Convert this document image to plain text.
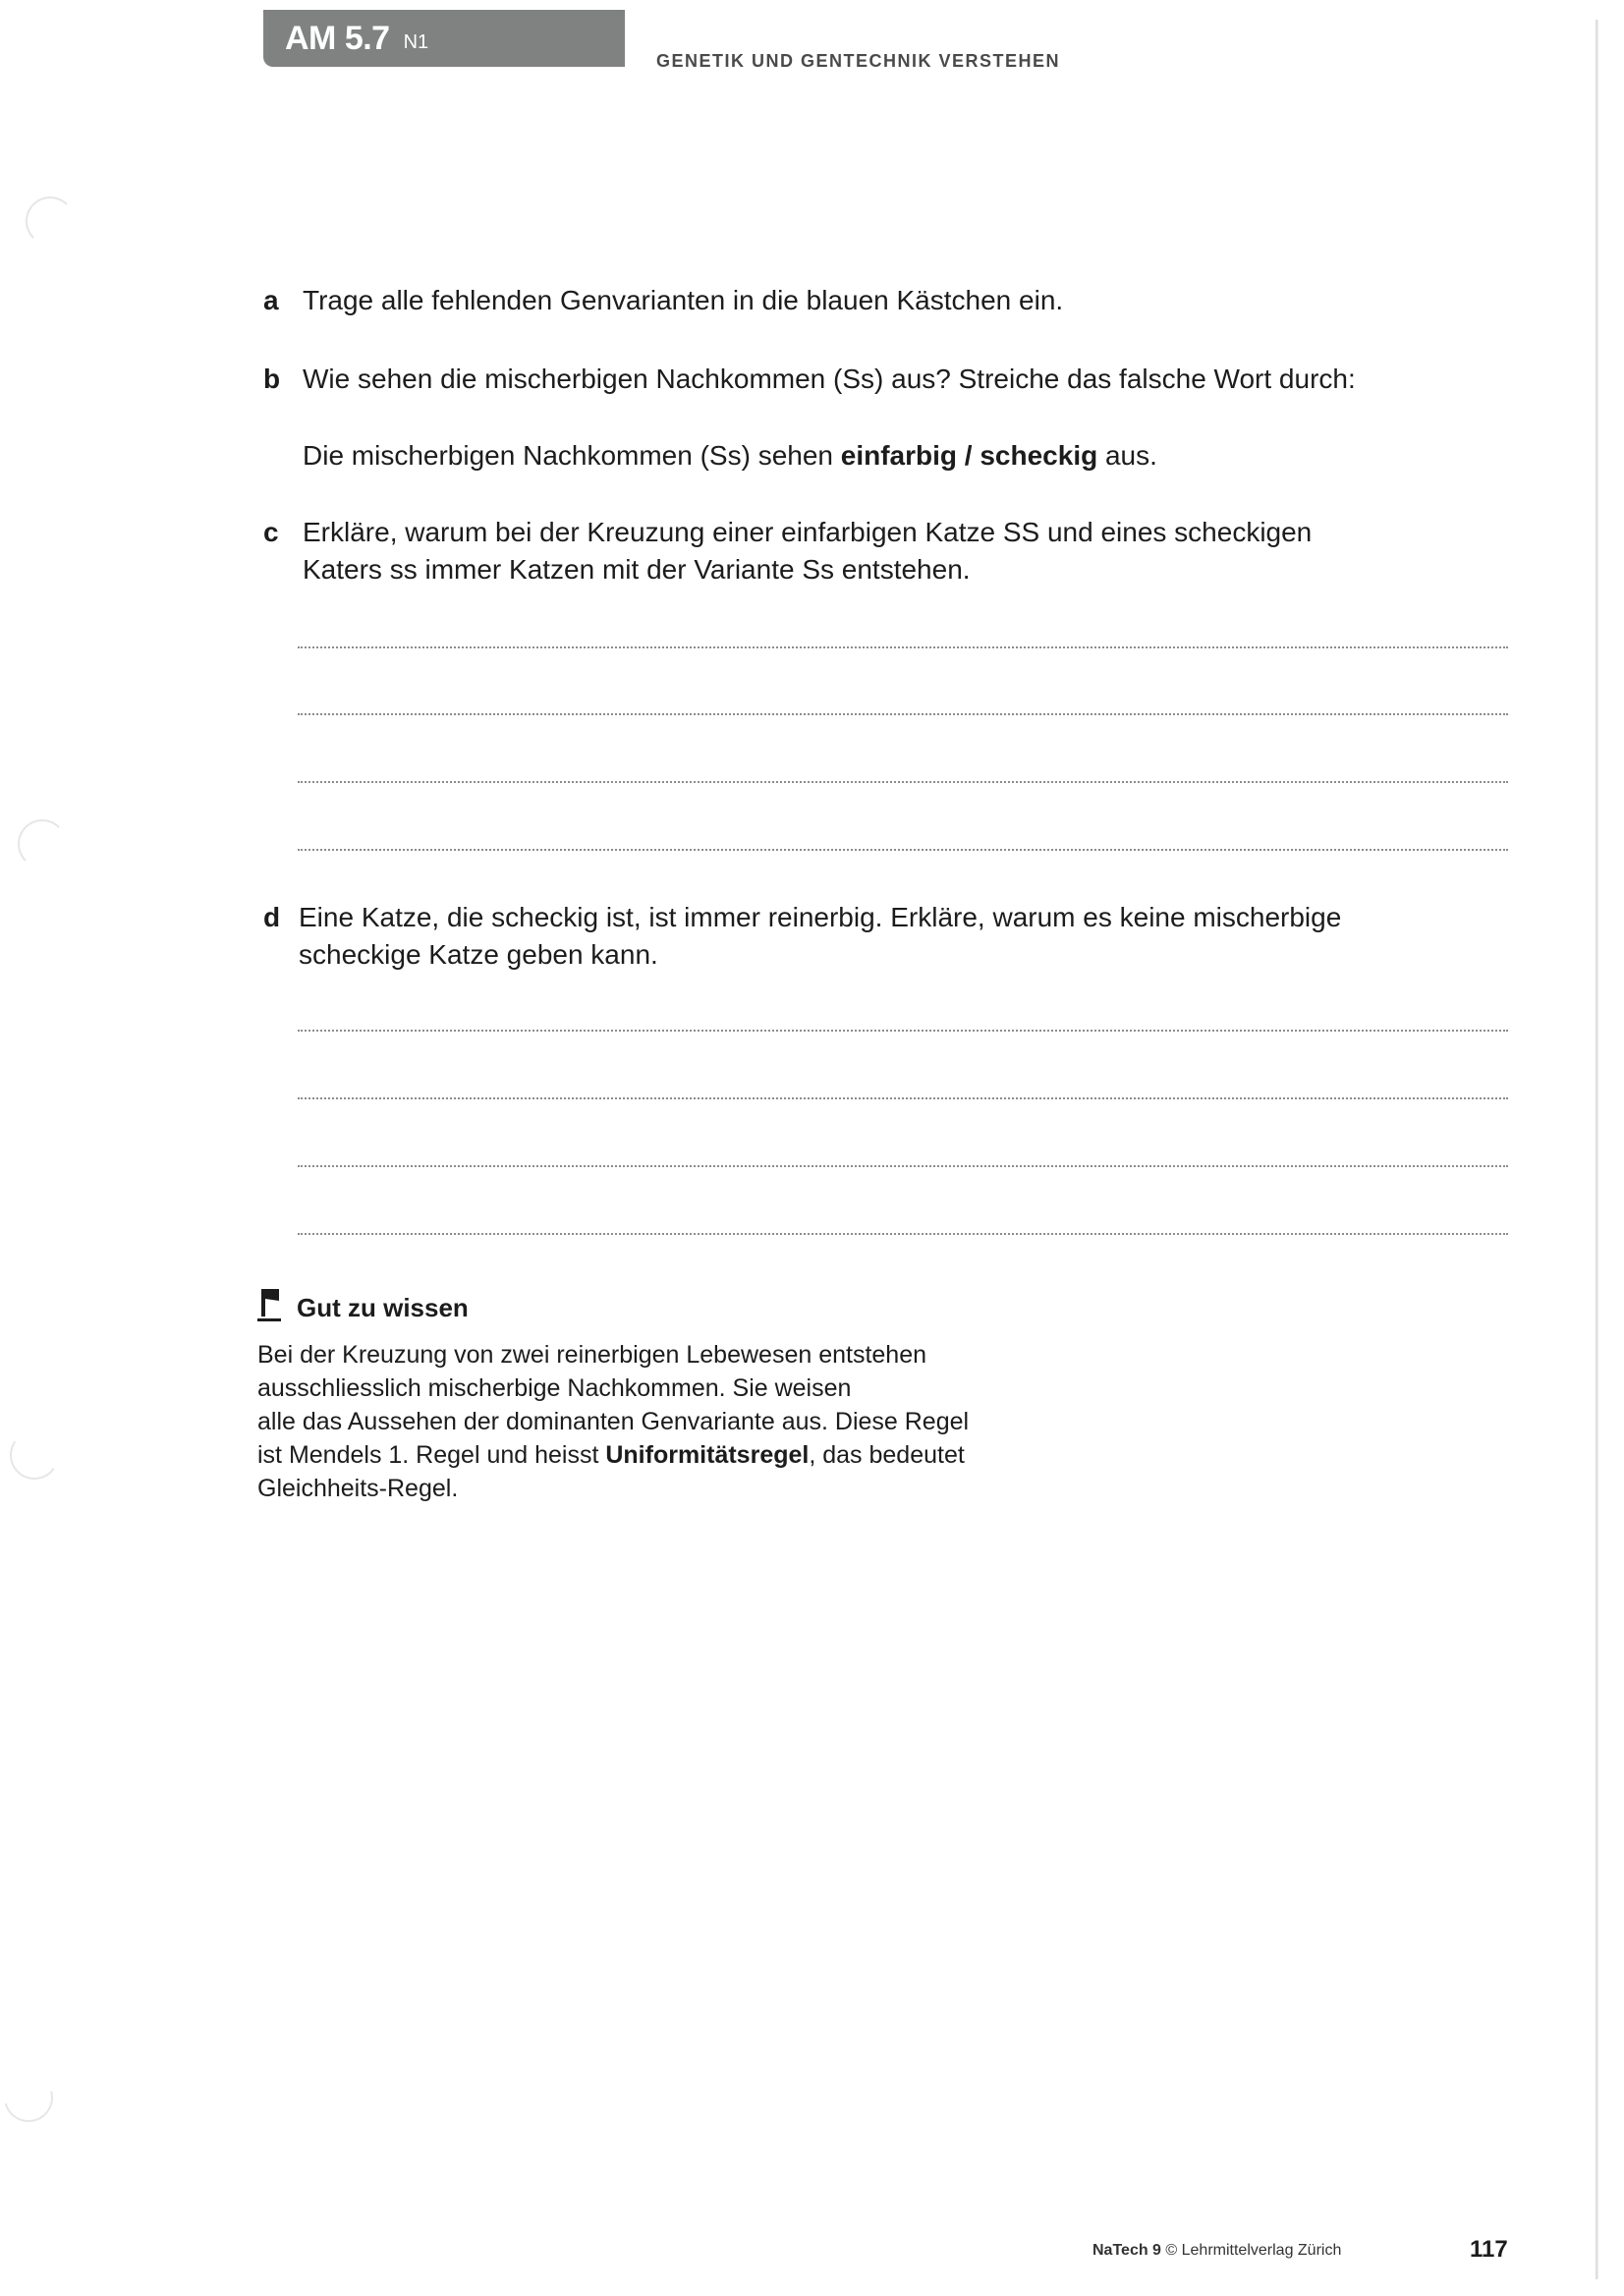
AM 5.7 N1
GENETIK UND GENTECHNIK VERSTEHEN
a Trage alle fehlenden Genvarianten in die blauen Kästchen ein.
b Wie sehen die mischerbigen Nachkommen (Ss) aus? Streiche das falsche Wort durch:
Die mischerbigen Nachkommen (Ss) sehen einfarbig / scheckig aus.
c Erkläre, warum bei der Kreuzung einer einfarbigen Katze SS und eines scheckigen
Katers ss immer Katzen mit der Variante Ss entstehen.
d Eine Katze, die scheckig ist, ist immer reinerbig. Erkläre, warum es keine mischerbige
scheckige Katze geben kann.
Gut zu wissen
Bei der Kreuzung von zwei reinerbigen Lebewesen entstehen
ausschliesslich mischerbige Nachkommen. Sie weisen
alle das Aussehen der dominanten Genvariante aus. Diese Regel
ist Mendels 1. Regel und heisst Uniformitätsregel, das bedeutet
Gleichheits-Regel.
NaTech 9 © Lehrmittelverlag Zürich	117
